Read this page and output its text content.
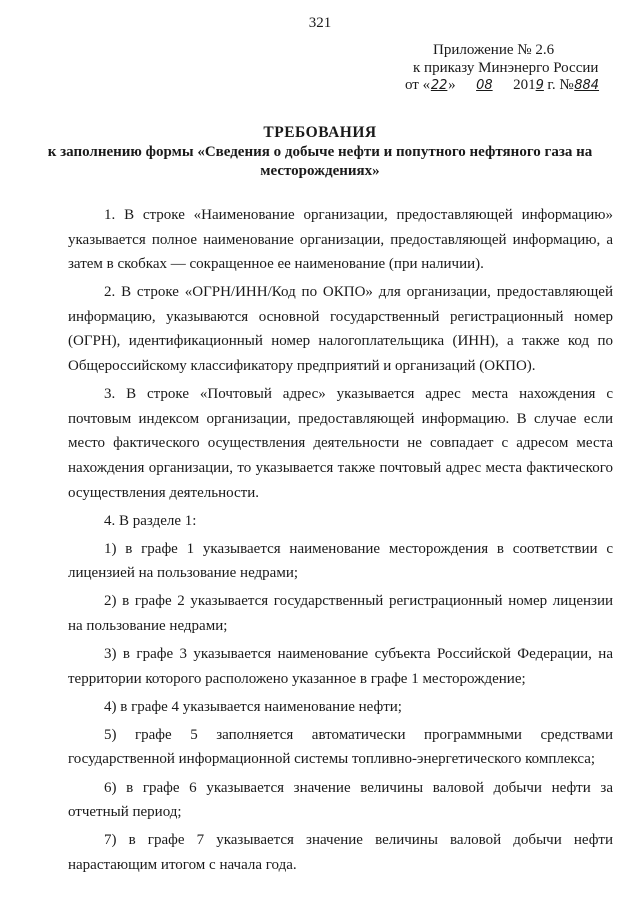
321
Приложение № 2.6
к приказу Минэнерго России
от «22» 08 2019 г. №884
ТРЕБОВАНИЯ
к заполнению формы «Сведения о добыче нефти и попутного нефтяного газа на месторождениях»

1. В строке «Наименование организации, предоставляющей информацию» указывается полное наименование организации, предоставляющей информацию, а затем в скобках — сокращенное ее наименование (при наличии).

2. В строке «ОГРН/ИНН/Код по ОКПО» для организации, предоставляющей информацию, указываются основной государственный регистрационный номер (ОГРН), идентификационный номер налогоплательщика (ИНН), а также код по Общероссийскому классификатору предприятий и организаций (ОКПО).

3. В строке «Почтовый адрес» указывается адрес места нахождения с почтовым индексом организации, предоставляющей информацию. В случае если место фактического осуществления деятельности не совпадает с адресом места нахождения организации, то указывается также почтовый адрес места фактического осуществления деятельности.

4. В разделе 1:

1) в графе 1 указывается наименование месторождения в соответствии с лицензией на пользование недрами;

2) в графе 2 указывается государственный регистрационный номер лицензии на пользование недрами;

3) в графе 3 указывается наименование субъекта Российской Федерации, на территории которого расположено указанное в графе 1 месторождение;

4) в графе 4 указывается наименование нефти;

5) графе 5 заполняется автоматически программными средствами государственной информационной системы топливно-энергетического комплекса;

6) в графе 6 указывается значение величины валовой добычи нефти за отчетный период;

7) в графе 7 указывается значение величины валовой добычи нефти нарастающим итогом с начала года.
